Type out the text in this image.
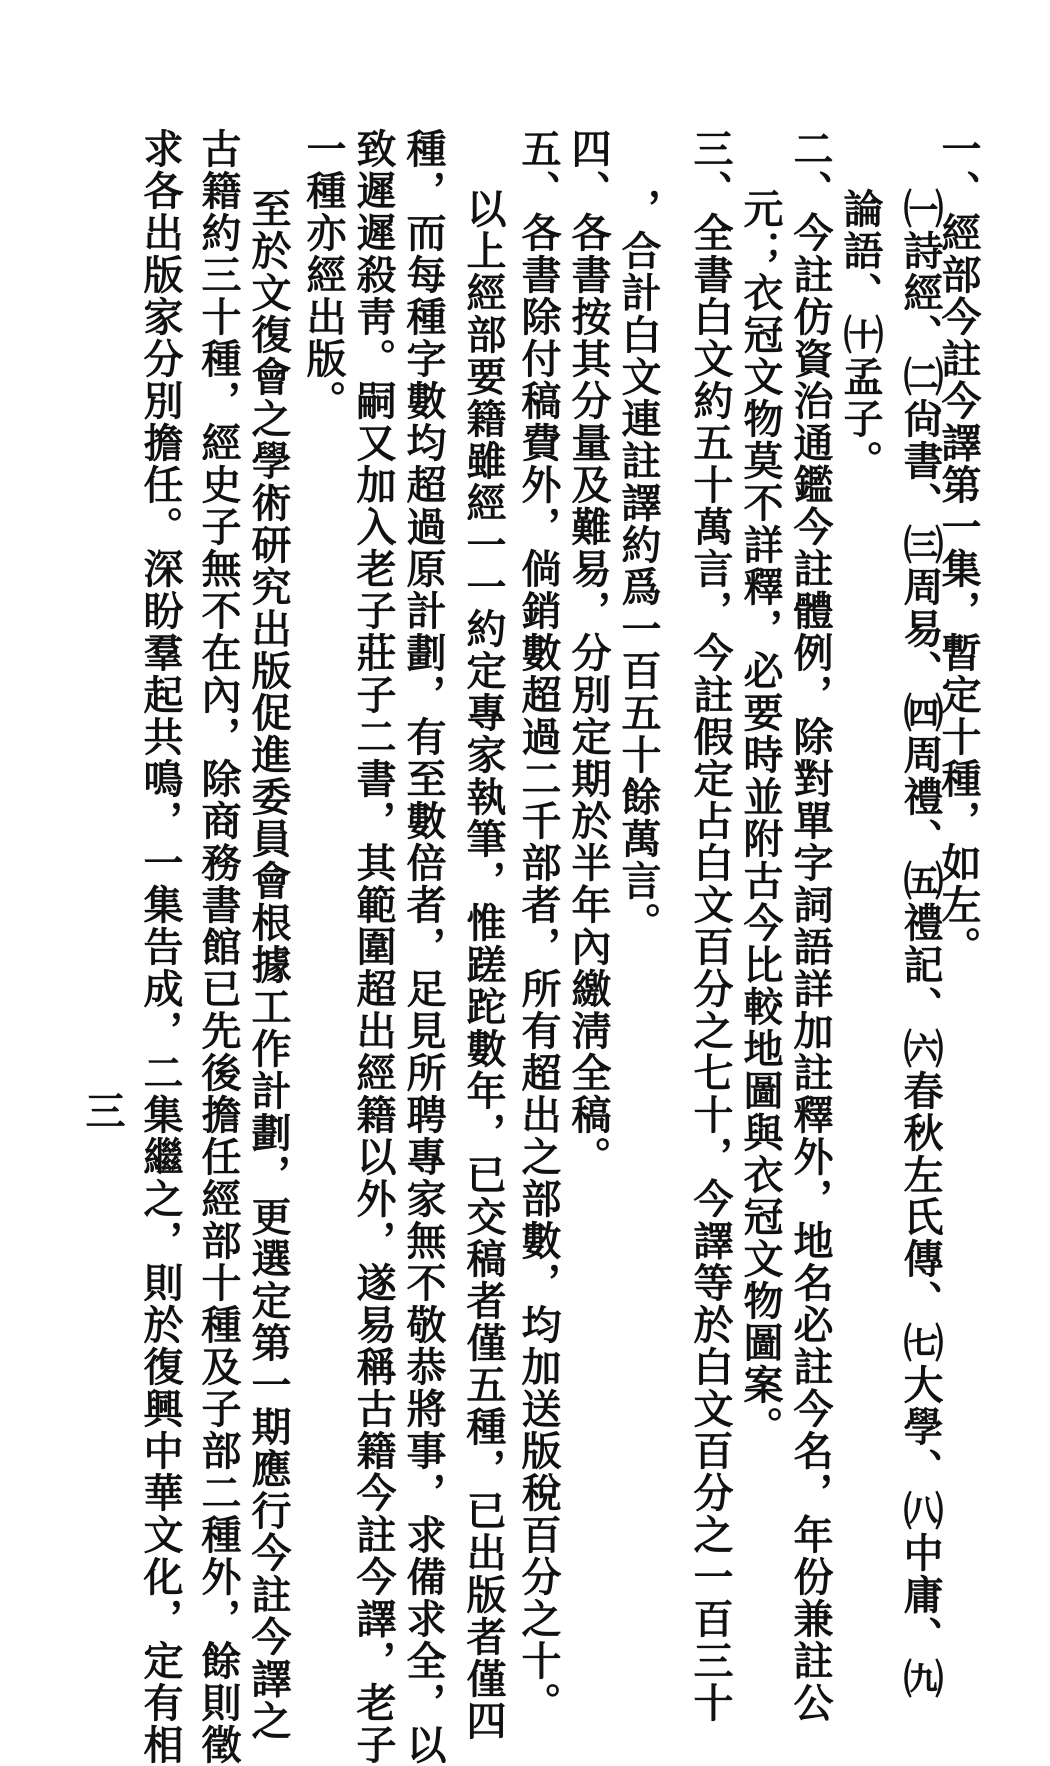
一、經部今註今譯第一集，暫定十種，如左。
㈠詩經、㈡尙書、㈢周易、㈣周禮、㈤禮記、㈥春秋左氏傳、㈦大學、㈧中庸、㈨
論語、㈩孟子。
二、今註仿資治通鑑今註體例，除對單字詞語詳加註釋外，地名必註今名，年份兼註公
元；衣冠文物莫不詳釋，必要時並附古今比較地圖與衣冠文物圖案。
三、全書白文約五十萬言，今註假定占白文百分之七十，今譯等於白文百分之一百三十
，合計白文連註譯約爲一百五十餘萬言。
四、各書按其分量及難易，分別定期於半年內繳淸全稿。
五、各書除付稿費外，倘銷數超過二千部者，所有超出之部數，均加送版稅百分之十。
以上經部要籍雖經一一約定專家執筆，惟蹉跎數年，已交稿者僅五種，已出版者僅四
種，而每種字數均超過原計劃，有至數倍者，足見所聘專家無不敬恭將事，求備求全，以
致遲遲殺靑。嗣又加入老子莊子二書，其範圍超出經籍以外，遂易稱古籍今註今譯，老子
一種亦經出版。
至於文復會之學術研究出版促進委員會根據工作計劃，更選定第一期應行今註今譯之
古籍約三十種，經史子無不在內，除商務書館已先後擔任經部十種及子部二種外，餘則徵
求各出版家分別擔任。深盼羣起共鳴，一集告成，二集繼之，則於復興中華文化，定有相
三
